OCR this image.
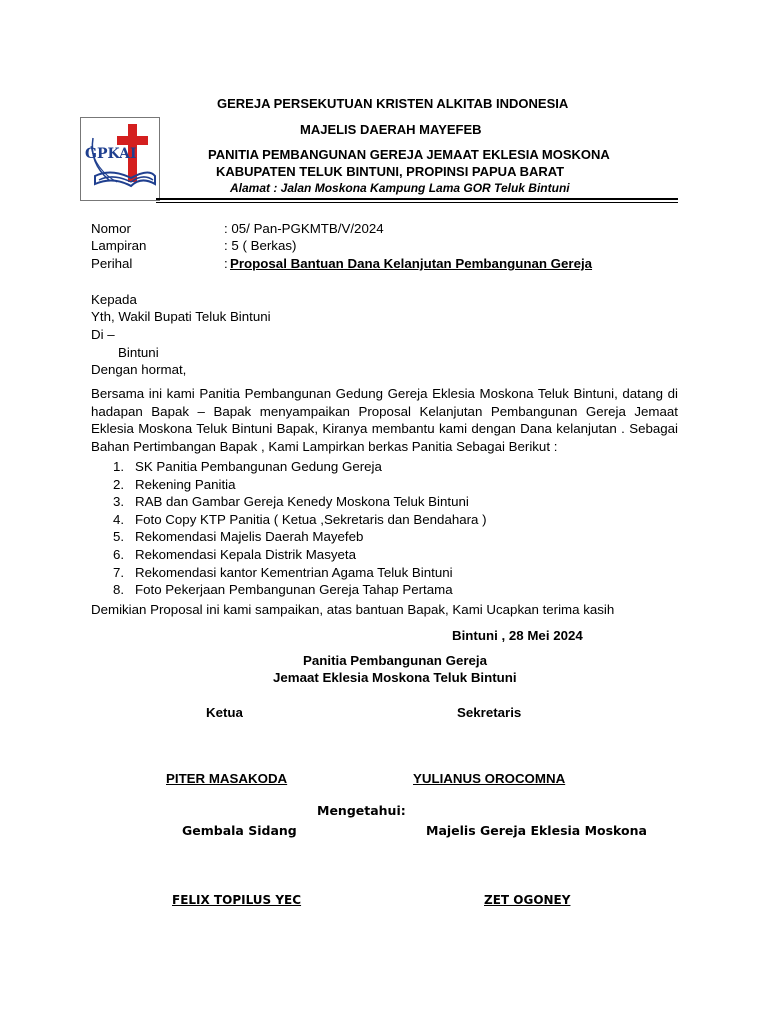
GEREJA PERSEKUTUAN KRISTEN ALKITAB INDONESIA
MAJELIS DAERAH MAYEFEB
PANITIA PEMBANGUNAN GEREJA JEMAAT EKLESIA MOSKONA
KABUPATEN TELUK BINTUNI, PROPINSI PAPUA BARAT
Alamat : Jalan Moskona Kampung Lama GOR Teluk Bintuni
GPKAI
Nomor	: 05/ Pan-PGKMTB/V/2024
Lampiran	: 5 ( Berkas)
Perihal	: Proposal Bantuan Dana Kelanjutan Pembangunan Gereja
Kepada
Yth, Wakil Bupati Teluk Bintuni
Di –
Bintuni
Dengan hormat,
Bersama ini kami Panitia Pembangunan Gedung Gereja Eklesia Moskona Teluk Bintuni, datang di hadapan Bapak – Bapak menyampaikan Proposal Kelanjutan Pembangunan Gereja Jemaat Eklesia Moskona Teluk Bintuni Bapak, Kiranya membantu kami dengan Dana kelanjutan . Sebagai Bahan Pertimbangan Bapak , Kami Lampirkan berkas Panitia Sebagai Berikut :
1. SK Panitia Pembangunan Gedung Gereja
2. Rekening Panitia
3. RAB dan Gambar Gereja Kenedy Moskona Teluk Bintuni
4. Foto Copy KTP Panitia ( Ketua ,Sekretaris dan Bendahara )
5. Rekomendasi Majelis Daerah Mayefeb
6. Rekomendasi Kepala Distrik Masyeta
7. Rekomendasi kantor Kementrian Agama Teluk Bintuni
8. Foto Pekerjaan Pembangunan Gereja Tahap Pertama
Demikian Proposal ini kami sampaikan, atas bantuan Bapak, Kami Ucapkan terima kasih
Bintuni , 28 Mei 2024
Panitia Pembangunan Gereja
Jemaat Eklesia Moskona Teluk Bintuni
Ketua	Sekretaris
PITER MASAKODA	YULIANUS OROCOMNA
Mengetahui:
Gembala Sidang	Majelis Gereja Eklesia Moskona
FELIX TOPILUS YEC	ZET OGONEY
